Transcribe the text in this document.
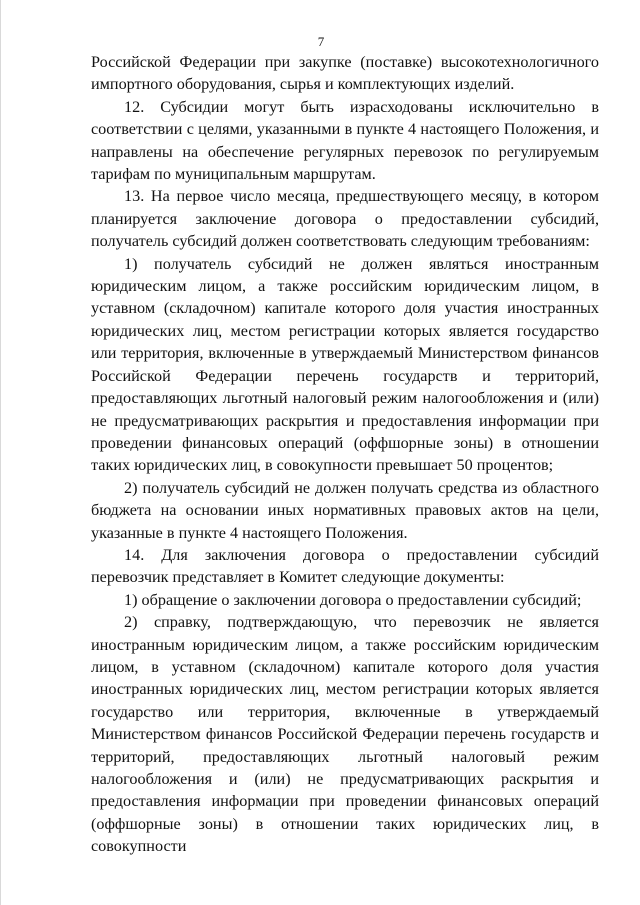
7

Российской Федерации при закупке (поставке) высокотехнологичного импортного оборудования, сырья и комплектующих изделий.

12. Субсидии могут быть израсходованы исключительно в соответствии с целями, указанными в пункте 4 настоящего Положения, и направлены на обеспечение регулярных перевозок по регулируемым тарифам по муниципальным маршрутам.

13. На первое число месяца, предшествующего месяцу, в котором планируется заключение договора о предоставлении субсидий, получатель субсидий должен соответствовать следующим требованиям:

1) получатель субсидий не должен являться иностранным юридическим лицом, а также российским юридическим лицом, в уставном (складочном) капитале которого доля участия иностранных юридических лиц, местом регистрации которых является государство или территория, включенные в утверждаемый Министерством финансов Российской Федерации перечень государств и территорий, предоставляющих льготный налоговый режим налогообложения и (или) не предусматривающих раскрытия и предоставления информации при проведении финансовых операций (оффшорные зоны) в отношении таких юридических лиц, в совокупности превышает 50 процентов;

2) получатель субсидий не должен получать средства из областного бюджета на основании иных нормативных правовых актов на цели, указанные в пункте 4 настоящего Положения.

14. Для заключения договора о предоставлении субсидий перевозчик представляет в Комитет следующие документы:

1) обращение о заключении договора о предоставлении субсидий;

2) справку, подтверждающую, что перевозчик не является иностранным юридическим лицом, а также российским юридическим лицом, в уставном (складочном) капитале которого доля участия иностранных юридических лиц, местом регистрации которых является государство или территория, включенные в утверждаемый Министерством финансов Российской Федерации перечень государств и территорий, предоставляющих льготный налоговый режим налогообложения и (или) не предусматривающих раскрытия и предоставления информации при проведении финансовых операций (оффшорные зоны) в отношении таких юридических лиц, в совокупности
